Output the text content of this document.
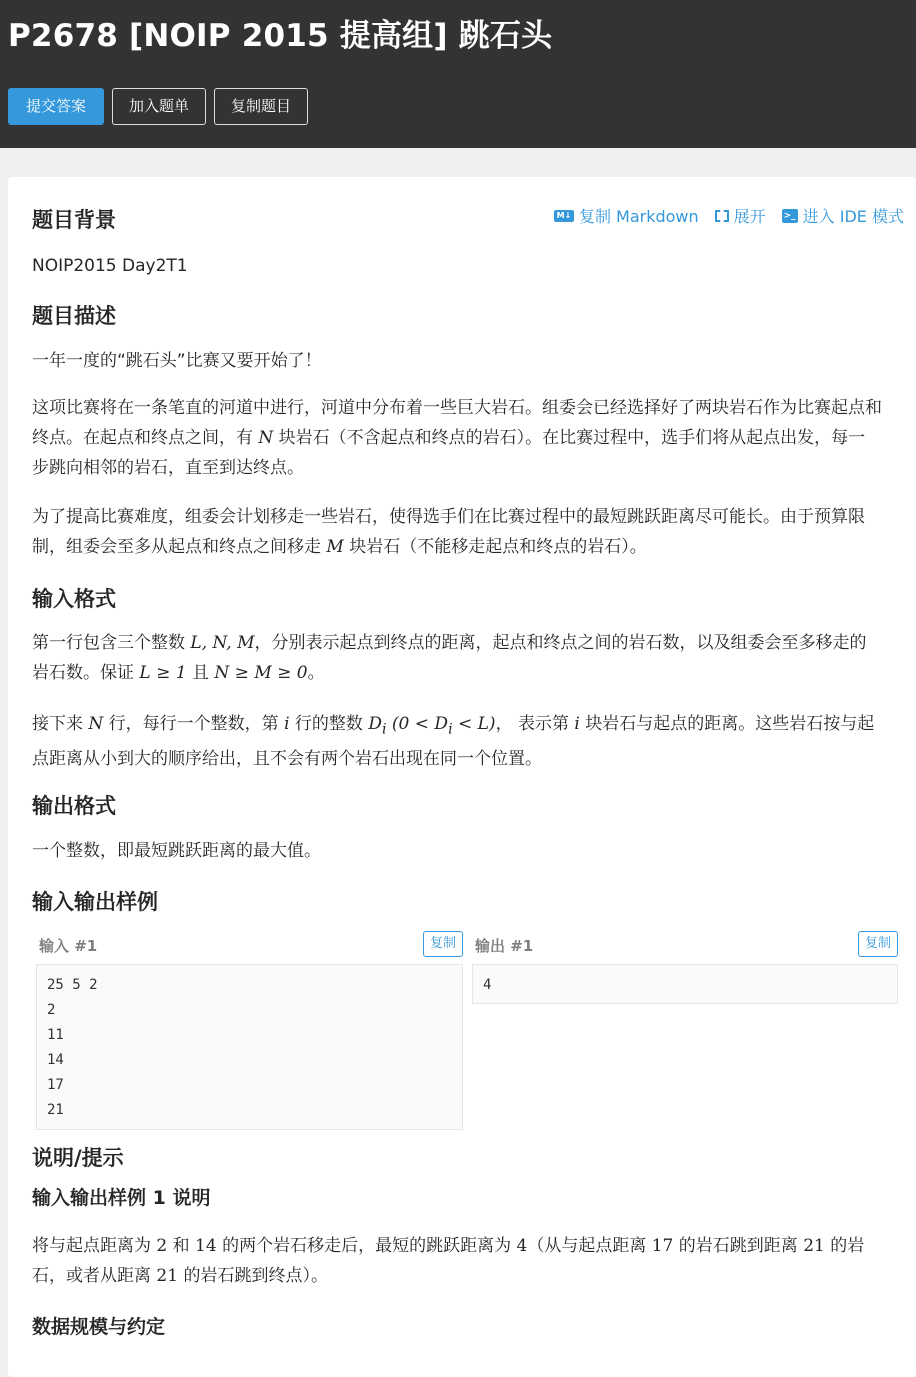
P2678 [NOIP 2015 提高组] 跳石头
提交答案	加入题单	复制题目
M↓ 复制 Markdown 展开 >_ 进入 IDE 模式
题目背景

NOIP2015 Day2T1

题目描述

一年一度的“跳石头”比赛又要开始了！

这项比赛将在一条笔直的河道中进行，河道中分布着一些巨大岩石。组委会已经选择好了两块岩石作为比赛起点和终点。在起点和终点之间，有 N 块岩石（不含起点和终点的岩石）。在比赛过程中，选手们将从起点出发，每一步跳向相邻的岩石，直至到达终点。

为了提高比赛难度，组委会计划移走一些岩石，使得选手们在比赛过程中的最短跳跃距离尽可能长。由于预算限制，组委会至多从起点和终点之间移走 M 块岩石（不能移走起点和终点的岩石）。

输入格式

第一行包含三个整数 L, N, M，分别表示起点到终点的距离，起点和终点之间的岩石数，以及组委会至多移走的岩石数。保证 L ≥ 1 且 N ≥ M ≥ 0。

接下来 N 行，每行一个整数，第 i 行的整数 $D_i$ $(0 < D_i < L)$， 表示第 i 块岩石与起点的距离。这些岩石按与起点距离从小到大的顺序给出，且不会有两个岩石出现在同一个位置。

输出格式

一个整数，即最短跳跃距离的最大值。

输入输出样例
输入 #1	复制
25 5 2
2
11
14
17
21
输出 #1	复制
4
说明/提示
输入输出样例 1 说明

将与起点距离为 2 和 14 的两个岩石移走后，最短的跳跃距离为 4（从与起点距离 17 的岩石跳到距离 21 的岩石，或者从距离 21 的岩石跳到终点）。

数据规模与约定
